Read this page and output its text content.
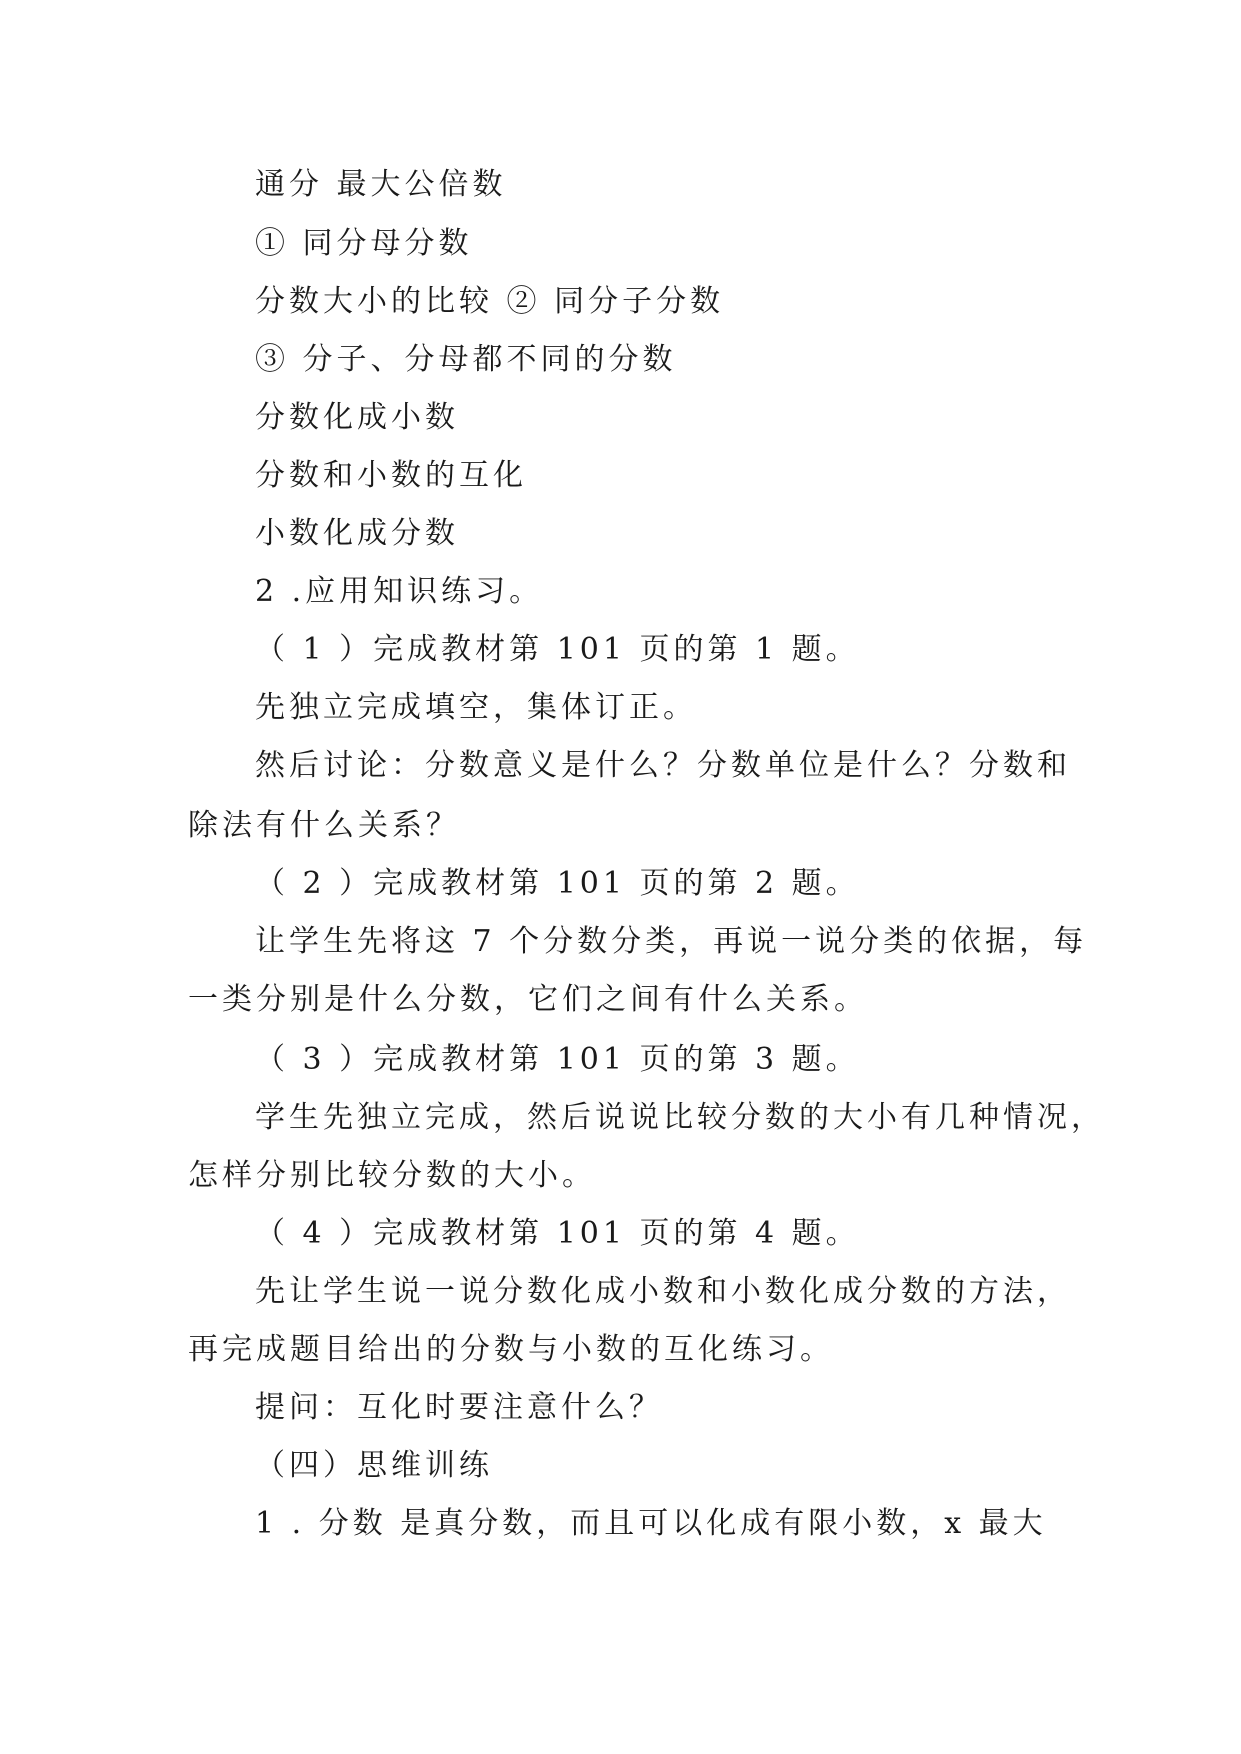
通分 最大公倍数

① 同分母分数

分数大小的比较 ② 同分子分数

③ 分子、分母都不同的分数

分数化成小数

分数和小数的互化

小数化成分数

2 .应用知识练习。

（ 1 ）完成教材第 101 页的第 1 题。

先独立完成填空，集体订正。

然后讨论：分数意义是什么？分数单位是什么？分数和

除法有什么关系？

（ 2 ）完成教材第 101 页的第 2 题。

让学生先将这 7 个分数分类，再说一说分类的依据，每

一类分别是什么分数，它们之间有什么关系。

（ 3 ）完成教材第 101 页的第 3 题。

学生先独立完成，然后说说比较分数的大小有几种情况，

怎样分别比较分数的大小。

（ 4 ）完成教材第 101 页的第 4 题。

先让学生说一说分数化成小数和小数化成分数的方法，

再完成题目给出的分数与小数的互化练习。

提问：互化时要注意什么？

（四）思维训练

1 . 分数 是真分数，而且可以化成有限小数，x 最大
